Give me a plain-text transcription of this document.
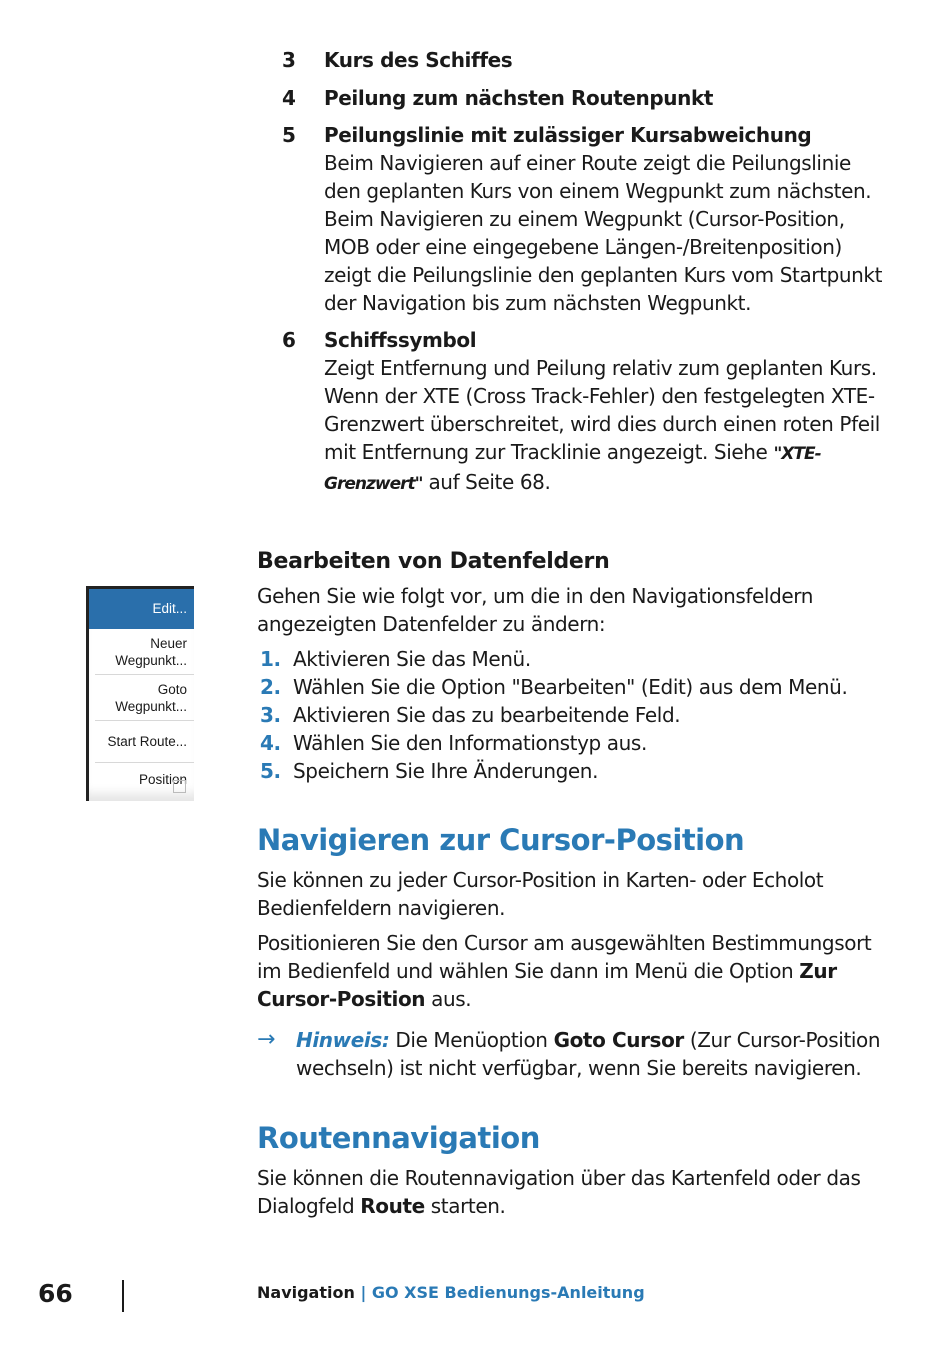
3 Kurs des Schiffes
4 Peilung zum nächsten Routenpunkt
5 Peilungslinie mit zulässiger Kursabweichung
Beim Navigieren auf einer Route zeigt die Peilungslinie den geplanten Kurs von einem Wegpunkt zum nächsten. Beim Navigieren zu einem Wegpunkt (Cursor-Position, MOB oder eine eingegebene Längen-/Breitenposition) zeigt die Peilungslinie den geplanten Kurs vom Startpunkt der Navigation bis zum nächsten Wegpunkt.
6 Schiffssymbol
Zeigt Entfernung und Peilung relativ zum geplanten Kurs. Wenn der XTE (Cross Track-Fehler) den festgelegten XTE-Grenzwert überschreitet, wird dies durch einen roten Pfeil mit Entfernung zur Tracklinie angezeigt. Siehe "XTE-Grenzwert" auf Seite 68.
Edit...
Neuer Wegpunkt...
Goto Wegpunkt...
Start Route...
Position
Bearbeiten von Datenfeldern
Gehen Sie wie folgt vor, um die in den Navigationsfeldern angezeigten Datenfelder zu ändern:
1. Aktivieren Sie das Menü.
2. Wählen Sie die Option "Bearbeiten" (Edit) aus dem Menü.
3. Aktivieren Sie das zu bearbeitende Feld.
4. Wählen Sie den Informationstyp aus.
5. Speichern Sie Ihre Änderungen.
Navigieren zur Cursor-Position
Sie können zu jeder Cursor-Position in Karten- oder Echolot Bedienfeldern navigieren.
Positionieren Sie den Cursor am ausgewählten Bestimmungsort im Bedienfeld und wählen Sie dann im Menü die Option Zur Cursor-Position aus.
→ Hinweis: Die Menüoption Goto Cursor (Zur Cursor-Position wechseln) ist nicht verfügbar, wenn Sie bereits navigieren.
Routennavigation
Sie können die Routennavigation über das Kartenfeld oder das Dialogfeld Route starten.
66	Navigation | GO XSE Bedienungs-Anleitung
